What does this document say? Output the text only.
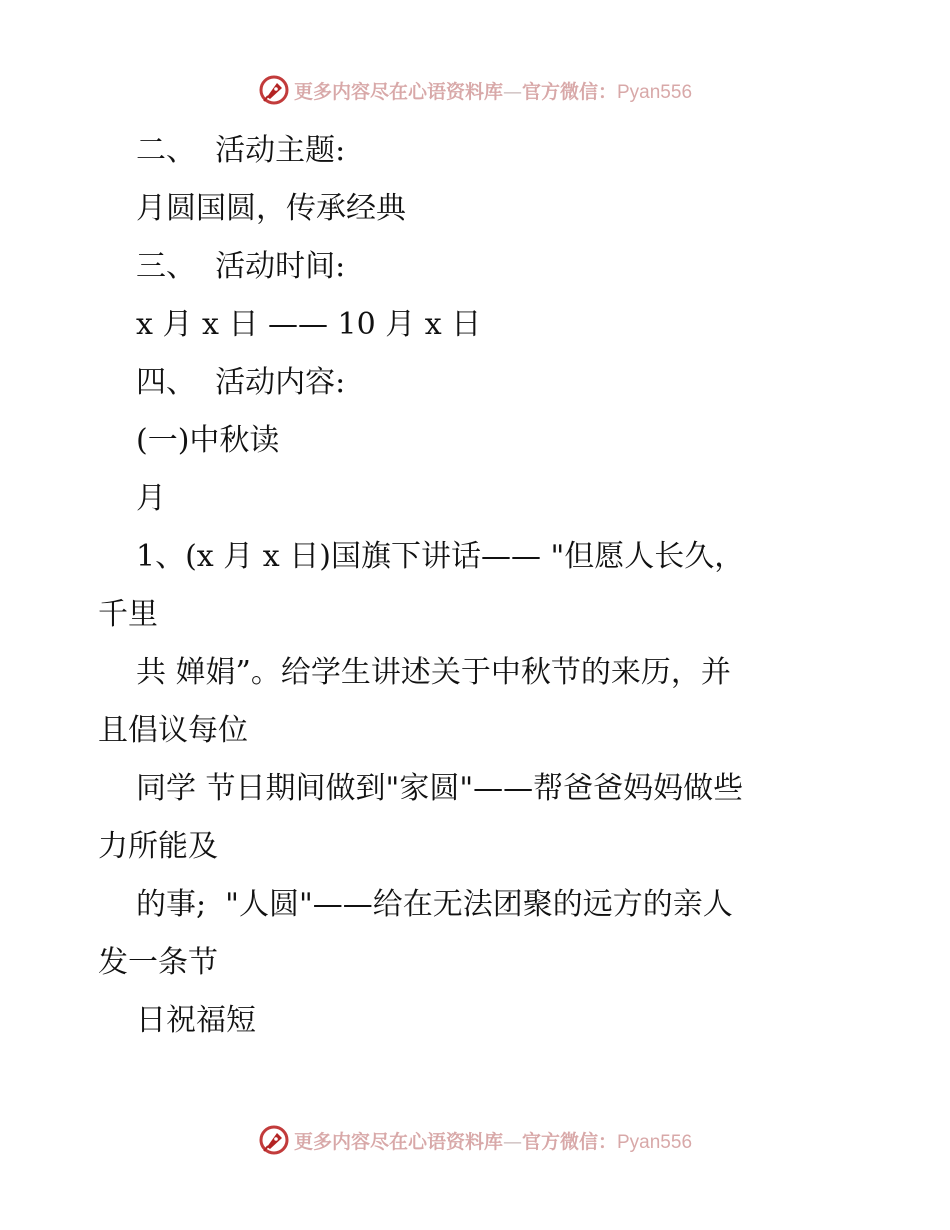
更多内容尽在心语资料库—官方微信：Pyan556
二、  活动主题:
月圆国圆，传承经典
三、  活动时间:
x 月 x 日 —— 10 月 x 日
四、  活动内容:
(一)中秋读
月
1、(x 月 x 日)国旗下讲话—— "但愿人长久，
千里
共 婵娟”。给学生讲述关于中秋节的来历，并
且倡议每位
同学 节日期间做到"家圆"——帮爸爸妈妈做些
力所能及
的事;  "人圆"——给在无法团聚的远方的亲人
发一条节
日祝福短
更多内容尽在心语资料库—官方微信：Pyan556
